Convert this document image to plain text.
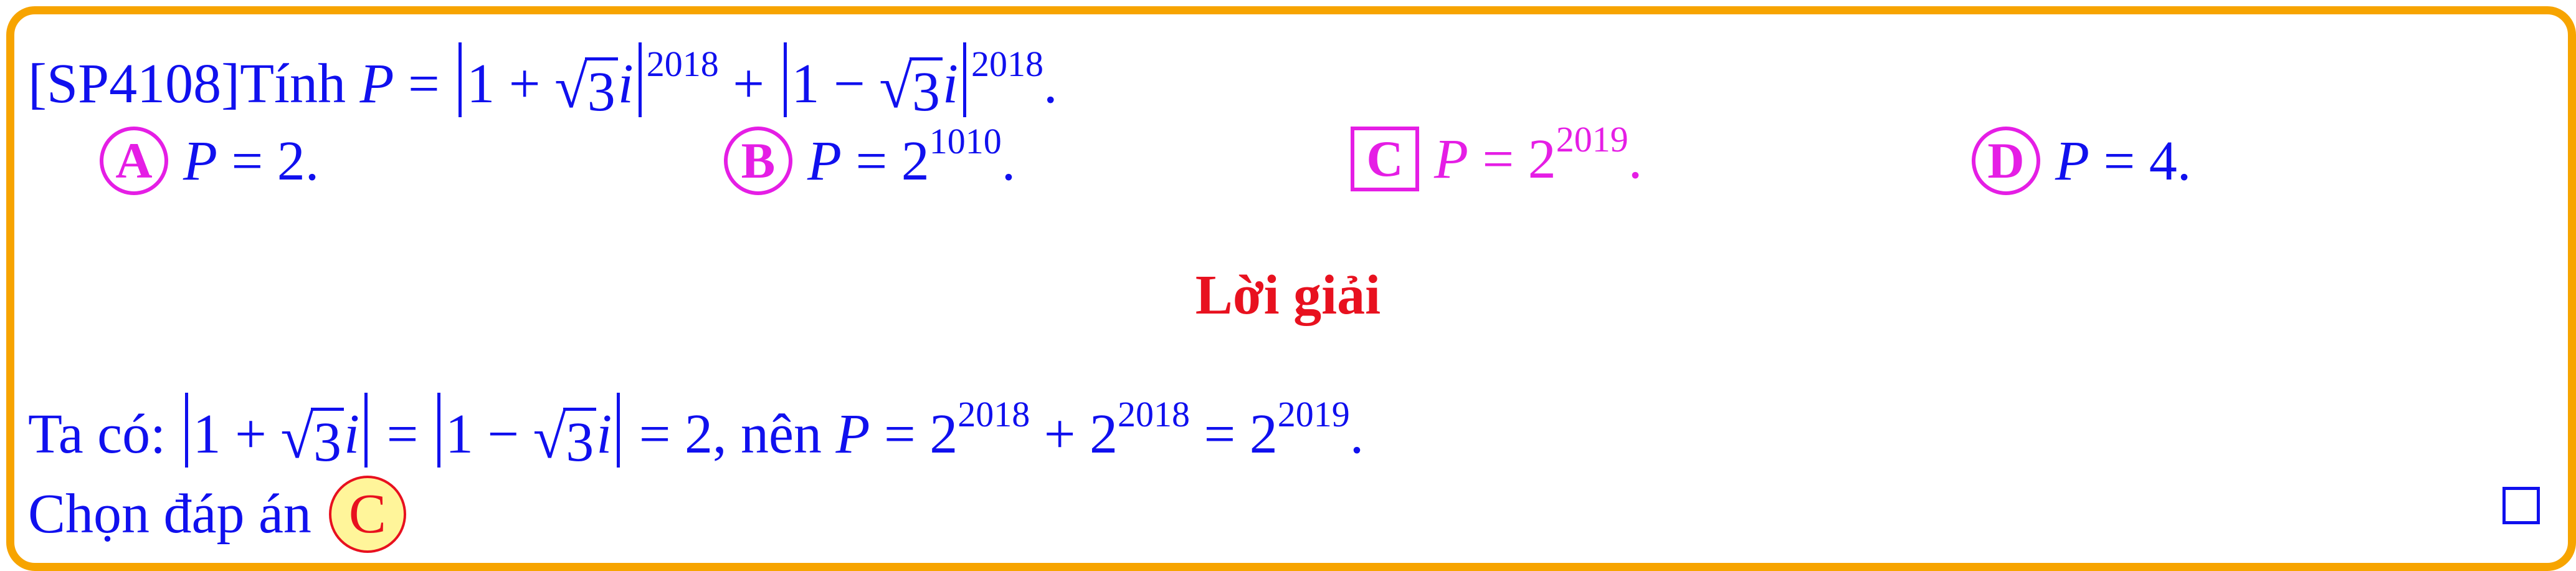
[SP4108]Tính P = 1 + √ 3 i $^{2018}$ + 1 − √ 3 i $^{2018}$.
A P = 2.	B $P = 2^{1010}$.	C $P = 2^{2019}$.	D P = 4.
Lời giải
Ta có: 1 + √ 3 i = 1 − √ 3 i = 2, nên $P = 2^{2018} + 2^{2018} = 2^{2019}$.
Chọn đáp án C
